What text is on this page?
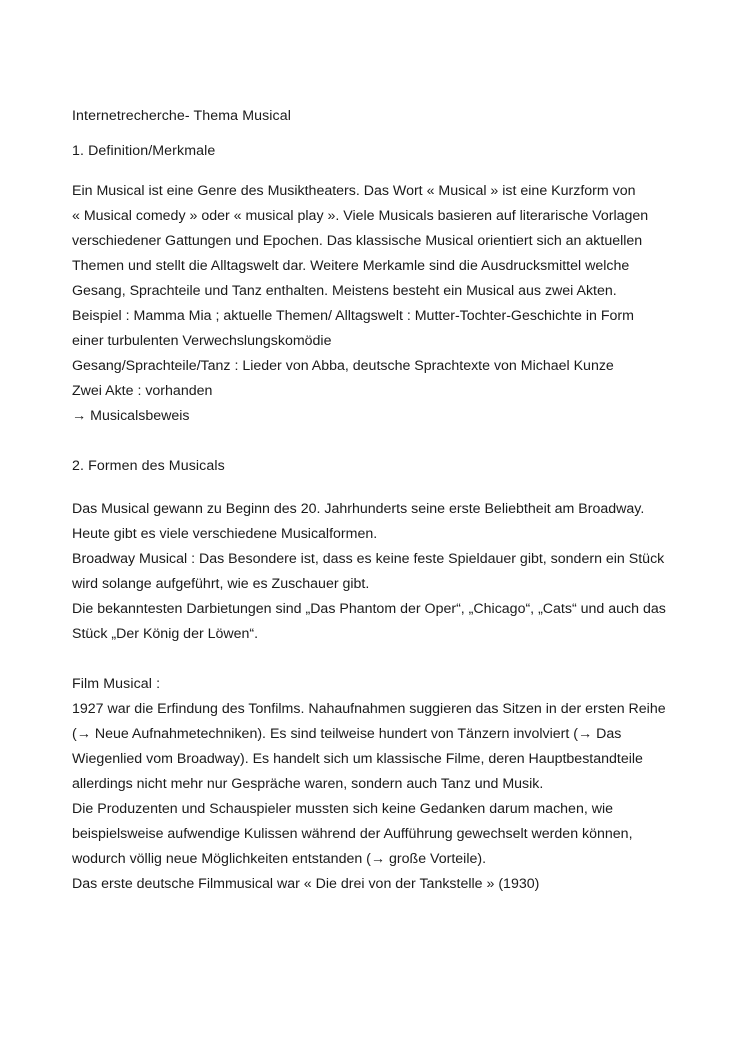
Internetrecherche- Thema Musical
1. Definition/Merkmale
Ein Musical ist eine Genre des Musiktheaters. Das Wort « Musical » ist eine Kurzform von
« Musical comedy » oder « musical play ». Viele Musicals basieren auf literarische Vorlagen
verschiedener Gattungen und Epochen. Das klassische Musical orientiert sich an aktuellen
Themen und stellt die Alltagswelt dar. Weitere Merkamle sind die Ausdrucksmittel welche
Gesang, Sprachteile und Tanz enthalten. Meistens besteht ein Musical aus zwei Akten.
Beispiel : Mamma Mia ; aktuelle Themen/ Alltagswelt : Mutter-Tochter-Geschichte in Form
einer turbulenten Verwechslungskomödie
Gesang/Sprachteile/Tanz : Lieder von Abba, deutsche Sprachtexte von Michael Kunze
Zwei Akte : vorhanden
→ Musicalsbeweis
2. Formen des Musicals
Das Musical gewann zu Beginn des 20. Jahrhunderts seine erste Beliebtheit am Broadway.
Heute gibt es viele verschiedene Musicalformen.
Broadway Musical : Das Besondere ist, dass es keine feste Spieldauer gibt, sondern ein Stück
wird solange aufgeführt, wie es Zuschauer gibt.
Die bekanntesten Darbietungen sind „Das Phantom der Oper“, „Chicago“, „Cats“ und auch das
Stück „Der König der Löwen“.
Film Musical :
1927 war die Erfindung des Tonfilms. Nahaufnahmen suggieren das Sitzen in der ersten Reihe
(→ Neue Aufnahmetechniken). Es sind teilweise hundert von Tänzern involviert (→ Das
Wiegenlied vom Broadway). Es handelt sich um klassische Filme, deren Hauptbestandteile
allerdings nicht mehr nur Gespräche waren, sondern auch Tanz und Musik.
Die Produzenten und Schauspieler mussten sich keine Gedanken darum machen, wie
beispielsweise aufwendige Kulissen während der Aufführung gewechselt werden können,
wodurch völlig neue Möglichkeiten entstanden (→ große Vorteile).
Das erste deutsche Filmmusical war « Die drei von der Tankstelle » (1930)
